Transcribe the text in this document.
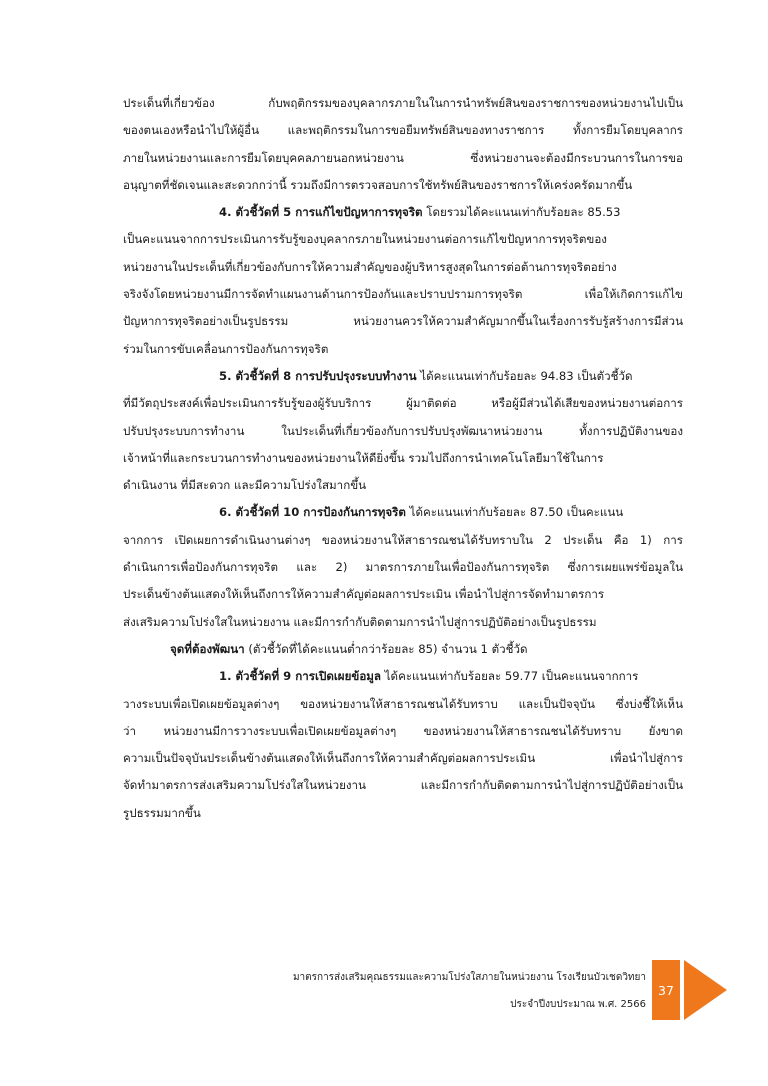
ประเด็นที่เกี่ยวข้อง กับพฤติกรรมของบุคลากรภายในในการนำทรัพย์สินของราชการของหน่วยงานไปเป็น
ของตนเองหรือนำไปให้ผู้อื่น และพฤติกรรมในการขอยืมทรัพย์สินของทางราชการ ทั้งการยืมโดยบุคลากร
ภายในหน่วยงานและการยืมโดยบุคคลภายนอกหน่วยงาน ซึ่งหน่วยงานจะต้องมีกระบวนการในการขอ
อนุญาตที่ชัดเจนและสะดวกกว่านี้ รวมถึงมีการตรวจสอบการใช้ทรัพย์สินของราชการให้เคร่งครัดมากขึ้น
4. ตัวชี้วัดที่ 5 การแก้ไขปัญหาการทุจริต โดยรวมได้คะแนนเท่ากับร้อยละ 85.53
เป็นคะแนนจากการประเมินการรับรู้ของบุคลากรภายในหน่วยงานต่อการแก้ไขปัญหาการทุจริตของ
หน่วยงานในประเด็นที่เกี่ยวข้องกับการให้ความสำคัญของผู้บริหารสูงสุดในการต่อต้านการทุจริตอย่าง
จริงจังโดยหน่วยงานมีการจัดทำแผนงานด้านการป้องกันและปราบปรามการทุจริต เพื่อให้เกิดการแก้ไข
ปัญหาการทุจริตอย่างเป็นรูปธรรม หน่วยงานควรให้ความสำคัญมากขึ้นในเรื่องการรับรู้สร้างการมีส่วน
ร่วมในการขับเคลื่อนการป้องกันการทุจริต
5. ตัวชี้วัดที่ 8 การปรับปรุงระบบทำงาน ได้คะแนนเท่ากับร้อยละ 94.83 เป็นตัวชี้วัด
ที่มีวัตถุประสงค์เพื่อประเมินการรับรู้ของผู้รับบริการ ผู้มาติดต่อ หรือผู้มีส่วนได้เสียของหน่วยงานต่อการ
ปรับปรุงระบบการทำงาน ในประเด็นที่เกี่ยวข้องกับการปรับปรุงพัฒนาหน่วยงาน ทั้งการปฏิบัติงานของ
เจ้าหน้าที่และกระบวนการทำงานของหน่วยงานให้ดียิ่งขึ้น รวมไปถึงการนำเทคโนโลยีมาใช้ในการ
ดำเนินงาน ที่มีสะดวก และมีความโปร่งใสมากขึ้น
6. ตัวชี้วัดที่ 10 การป้องกันการทุจริต ได้คะแนนเท่ากับร้อยละ 87.50 เป็นคะแนน
จากการ เปิดเผยการดำเนินงานต่างๆ ของหน่วยงานให้สาธารณชนได้รับทราบใน 2 ประเด็น คือ 1) การ
ดำเนินการเพื่อป้องกันการทุจริต และ 2) มาตรการภายในเพื่อป้องกันการทุจริต ซึ่งการเผยแพร่ข้อมูลใน
ประเด็นข้างต้นแสดงให้เห็นถึงการให้ความสำคัญต่อผลการประเมิน เพื่อนำไปสู่การจัดทำมาตรการ
ส่งเสริมความโปร่งใสในหน่วยงาน และมีการกำกับติดตามการนำไปสู่การปฏิบัติอย่างเป็นรูปธรรม
จุดที่ต้องพัฒนา (ตัวชี้วัดที่ได้คะแนนต่ำกว่าร้อยละ 85) จำนวน 1 ตัวชี้วัด
1. ตัวชี้วัดที่ 9 การเปิดเผยข้อมูล ได้คะแนนเท่ากับร้อยละ 59.77 เป็นคะแนนจากการ
วางระบบเพื่อเปิดเผยข้อมูลต่างๆ ของหน่วยงานให้สาธารณชนได้รับทราบ และเป็นปัจจุบัน ซึ่งบ่งชี้ให้เห็น
ว่า หน่วยงานมีการวางระบบเพื่อเปิดเผยข้อมูลต่างๆ ของหน่วยงานให้สาธารณชนได้รับทราบ ยังขาด
ความเป็นปัจจุบันประเด็นข้างต้นแสดงให้เห็นถึงการให้ความสำคัญต่อผลการประเมิน เพื่อนำไปสู่การ
จัดทำมาตรการส่งเสริมความโปร่งใสในหน่วยงาน และมีการกำกับติดตามการนำไปสู่การปฏิบัติอย่างเป็น
รูปธรรมมากขึ้น
มาตรการส่งเสริมคุณธรรมและความโปร่งใสภายในหน่วยงาน โรงเรียนบัวเชดวิทยา
ประจำปีงบประมาณ พ.ศ. 2566
37
